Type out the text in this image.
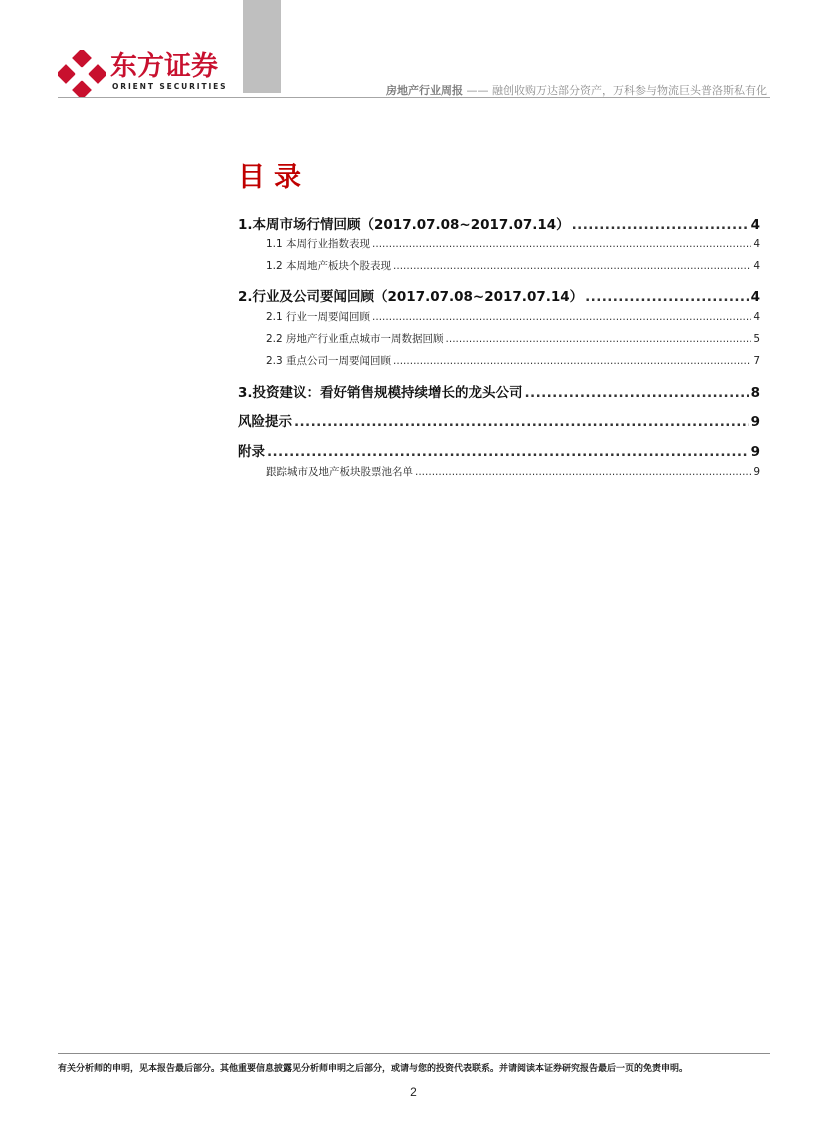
东方证券
ORIENT SECURITIES	房地产行业周报 —— 融创收购万达部分资产，万科参与物流巨头普洛斯私有化
目录
1.本周市场行情回顾（2017.07.08~2017.07.14） .....	4
1.1 本周行业指数表现 .....	4
1.2 本周地产板块个股表现 .....	4
2.行业及公司要闻回顾（2017.07.08~2017.07.14） .....	4
2.1 行业一周要闻回顾 .....	4
2.2 房地产行业重点城市一周数据回顾 .....	5
2.3 重点公司一周要闻回顾 .....	7
3.投资建议：看好销售规模持续增长的龙头公司 .....	8
风险提示 .....	9
附录 .....	9
跟踪城市及地产板块股票池名单 .....	9
有关分析师的申明，见本报告最后部分。其他重要信息披露见分析师申明之后部分，或请与您的投资代表联系。并请阅读本证券研究报告最后一页的免责申明。
2
